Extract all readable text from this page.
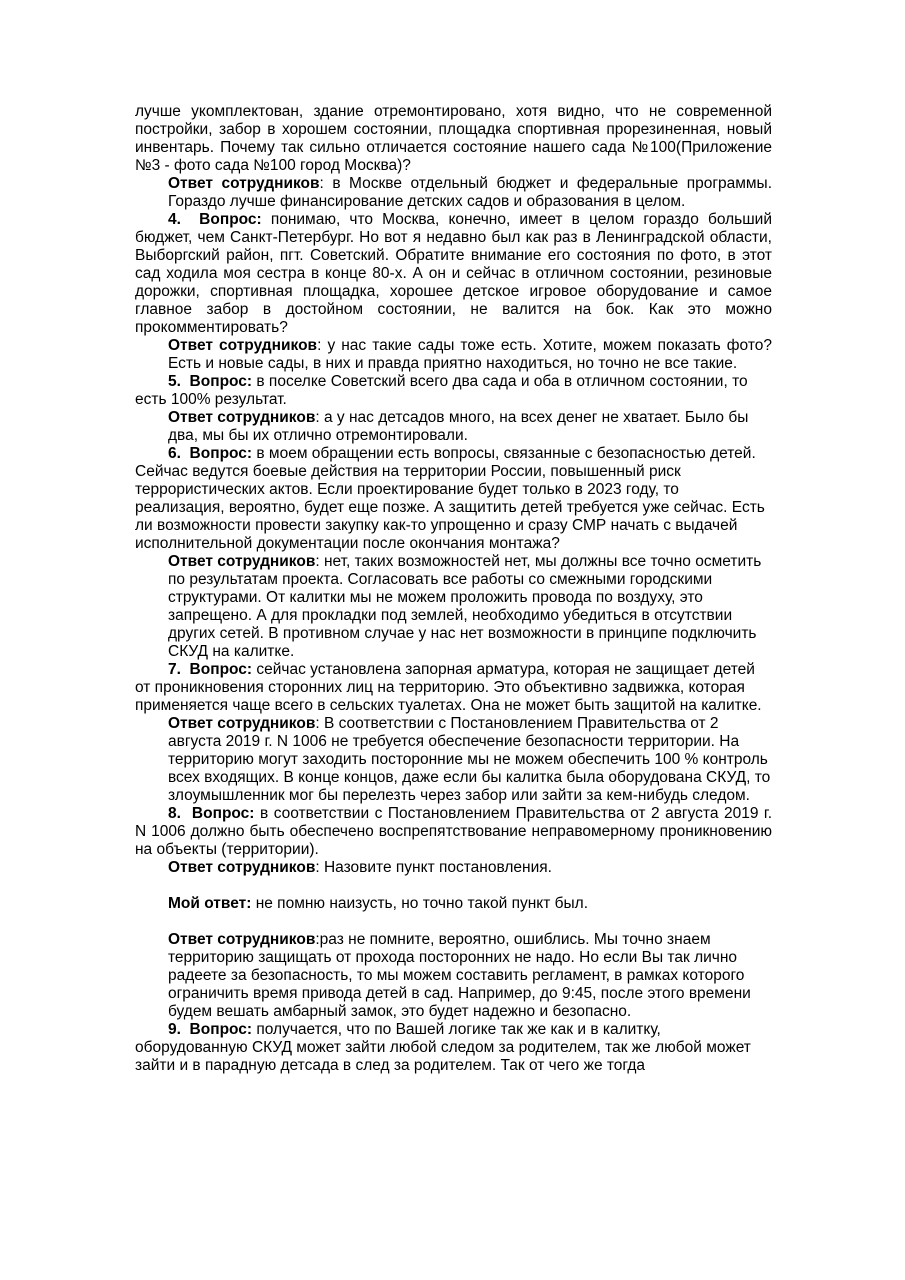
лучше укомплектован, здание отремонтировано, хотя видно, что не современной постройки, забор в хорошем состоянии, площадка спортивная прорезиненная, новый инвентарь. Почему так сильно отличается состояние нашего сада №100(Приложение №3 - фото сада №100 город Москва)?

Ответ сотрудников: в Москве отдельный бюджет и федеральные программы. Гораздо лучше финансирование детских садов и образования в целом.

4.  Вопрос: понимаю, что Москва, конечно, имеет в целом гораздо больший бюджет, чем Санкт-Петербург. Но вот я недавно был как раз в Ленинградской области, Выборгский район, пгт. Советский. Обратите внимание его состояния по фото, в этот сад ходила моя сестра в конце 80-х. А он и сейчас в отличном состоянии, резиновые дорожки, спортивная площадка, хорошее детское игровое оборудование и самое главное забор в достойном состоянии, не валится на бок. Как это можно прокомментировать?

Ответ сотрудников: у нас такие сады тоже есть. Хотите, можем показать фото? Есть и новые сады, в них и правда приятно находиться, но точно не все такие.

5.  Вопрос: в поселке Советский всего два сада и оба в отличном состоянии, то есть 100% результат.

Ответ сотрудников: а у нас детсадов много, на всех денег не хватает. Было бы два, мы бы их отлично отремонтировали.

6.  Вопрос: в моем обращении есть вопросы, связанные с безопасностью детей. Сейчас ведутся боевые действия на территории России, повышенный риск террористических актов. Если проектирование будет только в 2023 году, то реализация, вероятно, будет еще позже. А защитить детей требуется уже сейчас. Есть ли возможности провести закупку как-то упрощенно и сразу СМР начать с выдачей исполнительной документации после окончания монтажа?

Ответ сотрудников: нет, таких возможностей нет, мы должны все точно осметить по результатам проекта. Согласовать все работы со смежными городскими структурами. От калитки мы не можем проложить провода по воздуху, это запрещено. А для прокладки под землей, необходимо убедиться в отсутствии других сетей. В противном случае у нас нет возможности в принципе подключить СКУД на калитке.

7.  Вопрос: сейчас установлена запорная арматура, которая не защищает детей от проникновения сторонних лиц на территорию. Это объективно задвижка, которая применяется чаще всего в сельских туалетах. Она не может быть защитой на калитке.

Ответ сотрудников: В соответствии с Постановлением Правительства от 2 августа 2019 г. N 1006 не требуется обеспечение безопасности территории. На территорию могут заходить посторонние мы не можем обеспечить 100 % контроль всех входящих. В конце концов, даже если бы калитка была оборудована СКУД, то злоумышленник мог бы перелезть через забор или зайти за кем-нибудь следом.

8.  Вопрос: в соответствии с Постановлением Правительства от 2 августа 2019 г. N 1006 должно быть обеспечено воспрепятствование неправомерному проникновению на объекты (территории).

Ответ сотрудников: Назовите пункт постановления.

Мой ответ: не помню наизусть, но точно такой пункт был.

Ответ сотрудников:раз не помните, вероятно, ошиблись. Мы точно знаем территорию защищать от прохода посторонних не надо. Но если Вы так лично радеете за безопасность, то мы можем составить регламент, в рамках которого ограничить время привода детей в сад. Например, до 9:45, после этого времени будем вешать амбарный замок, это будет надежно и безопасно.

9.  Вопрос: получается, что по Вашей логике так же как и в калитку, оборудованную СКУД может зайти любой следом за родителем, так же любой может зайти и в парадную детсада в след за родителем. Так от чего же тогда
